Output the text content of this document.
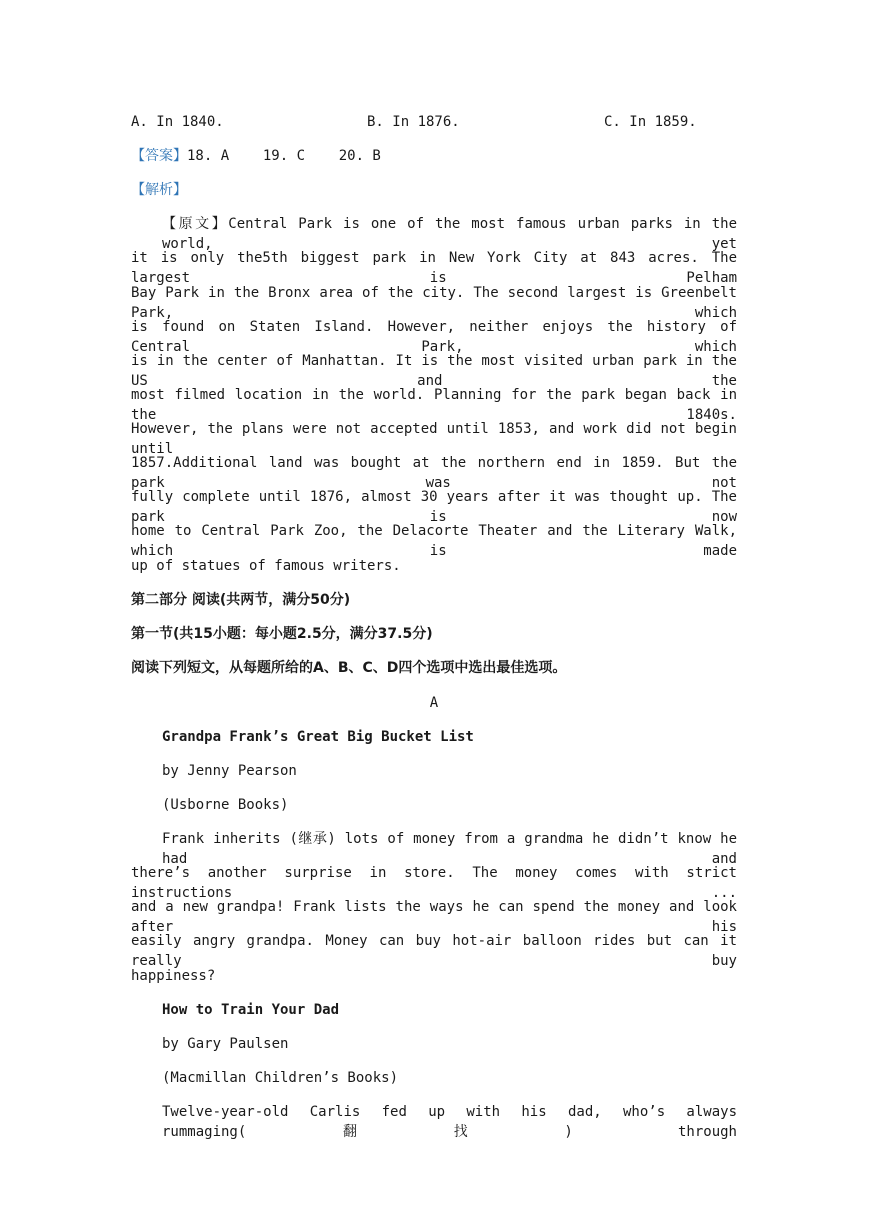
A. In 1840.	B. In 1876.	C. In 1859.
【答案】18. A    19. C    20. B
【解析】
【原文】Central Park is one of the most famous urban parks in the world, yet
it is only the5th biggest park in New York City at 843 acres. The largest is Pelham
Bay Park in the Bronx area of the city. The second largest is Greenbelt Park, which
is found on Staten Island. However, neither enjoys the history of Central Park, which
is in the center of Manhattan. It is the most visited urban park in the US and the
most filmed location in the world. Planning for the park began back in the 1840s.
However, the plans were not accepted until 1853, and work did not begin until
1857.Additional land was bought at the northern end in 1859. But the park was not
fully complete until 1876, almost 30 years after it was thought up. The park is now
home to Central Park Zoo, the Delacorte Theater and the Literary Walk, which is made
up of statues of famous writers.
第二部分 阅读(共两节，满分50分)
第一节(共15小题：每小题2.5分，满分37.5分)
阅读下列短文，从每题所给的A、B、C、D四个选项中选出最佳选项。
A
Grandpa Frank’s Great Big Bucket List
by Jenny Pearson
(Usborne Books)
Frank inherits (继承) lots of money from a grandma he didn’t know he had and
there’s another surprise in store. The money comes with strict instructions ...
and a new grandpa! Frank lists the ways he can spend the money and look after his
easily angry grandpa. Money can buy hot-air balloon rides but can it really buy
happiness?
How to Train Your Dad
by Gary Paulsen
(Macmillan Children’s Books)
Twelve-year-old Carlis fed up with his dad, who’s always rummaging(翻找) through
